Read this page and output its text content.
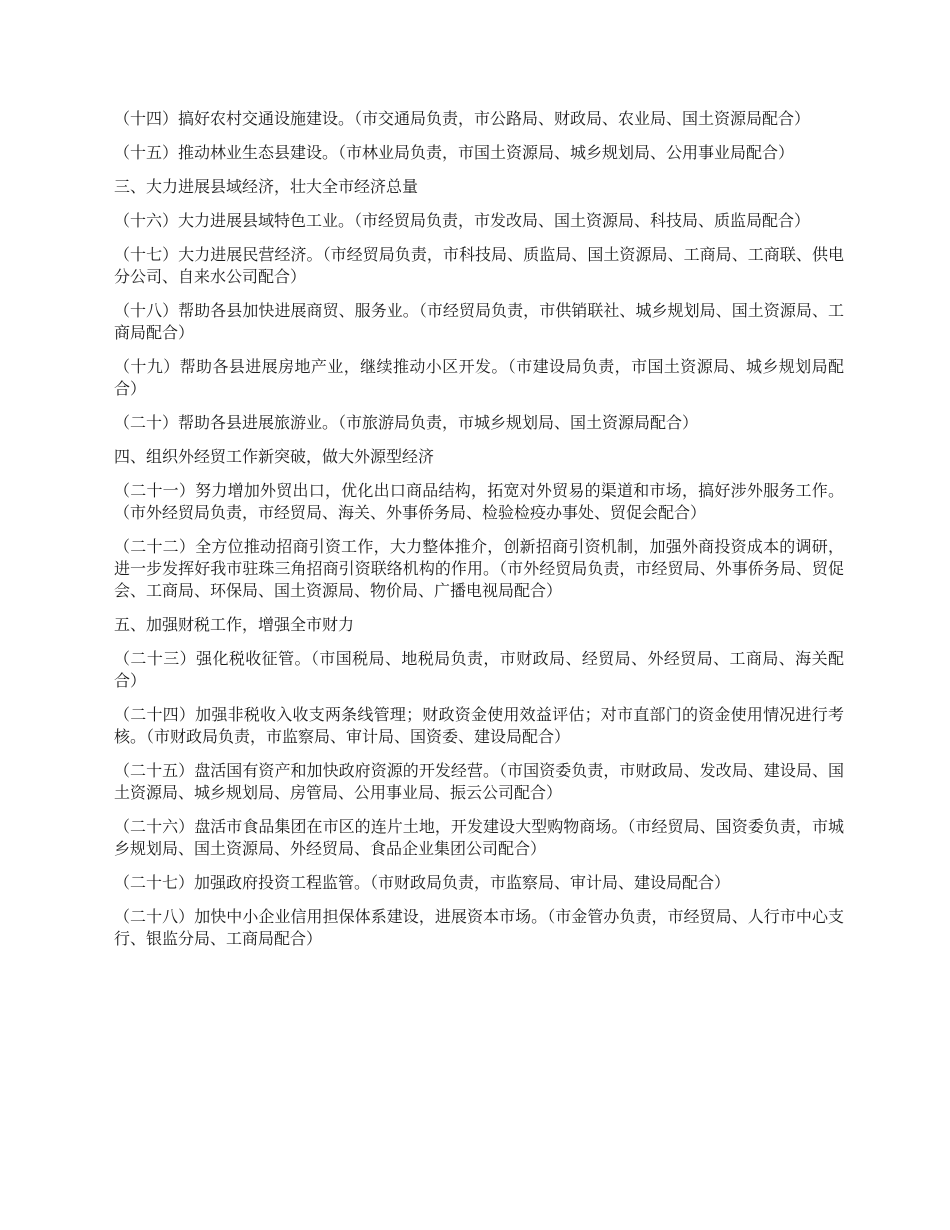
（十四）搞好农村交通设施建设。（市交通局负责，市公路局、财政局、农业局、国土资源局配合）

（十五）推动林业生态县建设。（市林业局负责，市国土资源局、城乡规划局、公用事业局配合）

三、大力进展县域经济，壮大全市经济总量

（十六）大力进展县域特色工业。（市经贸局负责，市发改局、国土资源局、科技局、质监局配合）

（十七）大力进展民营经济。（市经贸局负责，市科技局、质监局、国土资源局、工商局、工商联、供电分公司、自来水公司配合）

（十八）帮助各县加快进展商贸、服务业。（市经贸局负责，市供销联社、城乡规划局、国土资源局、工商局配合）

（十九）帮助各县进展房地产业，继续推动小区开发。（市建设局负责，市国土资源局、城乡规划局配合）

（二十）帮助各县进展旅游业。（市旅游局负责，市城乡规划局、国土资源局配合）

四、组织外经贸工作新突破，做大外源型经济

（二十一）努力增加外贸出口，优化出口商品结构，拓宽对外贸易的渠道和市场，搞好涉外服务工作。（市外经贸局负责，市经贸局、海关、外事侨务局、检验检疫办事处、贸促会配合）

（二十二）全方位推动招商引资工作，大力整体推介，创新招商引资机制，加强外商投资成本的调研，进一步发挥好我市驻珠三角招商引资联络机构的作用。（市外经贸局负责，市经贸局、外事侨务局、贸促会、工商局、环保局、国土资源局、物价局、广播电视局配合）

五、加强财税工作，增强全市财力

（二十三）强化税收征管。（市国税局、地税局负责，市财政局、经贸局、外经贸局、工商局、海关配合）

（二十四）加强非税收入收支两条线管理；财政资金使用效益评估；对市直部门的资金使用情况进行考核。（市财政局负责，市监察局、审计局、国资委、建设局配合）

（二十五）盘活国有资产和加快政府资源的开发经营。（市国资委负责，市财政局、发改局、建设局、国土资源局、城乡规划局、房管局、公用事业局、振云公司配合）

（二十六）盘活市食品集团在市区的连片土地，开发建设大型购物商场。（市经贸局、国资委负责，市城乡规划局、国土资源局、外经贸局、食品企业集团公司配合）

（二十七）加强政府投资工程监管。（市财政局负责，市监察局、审计局、建设局配合）

（二十八）加快中小企业信用担保体系建设，进展资本市场。（市金管办负责，市经贸局、人行市中心支行、银监分局、工商局配合）
